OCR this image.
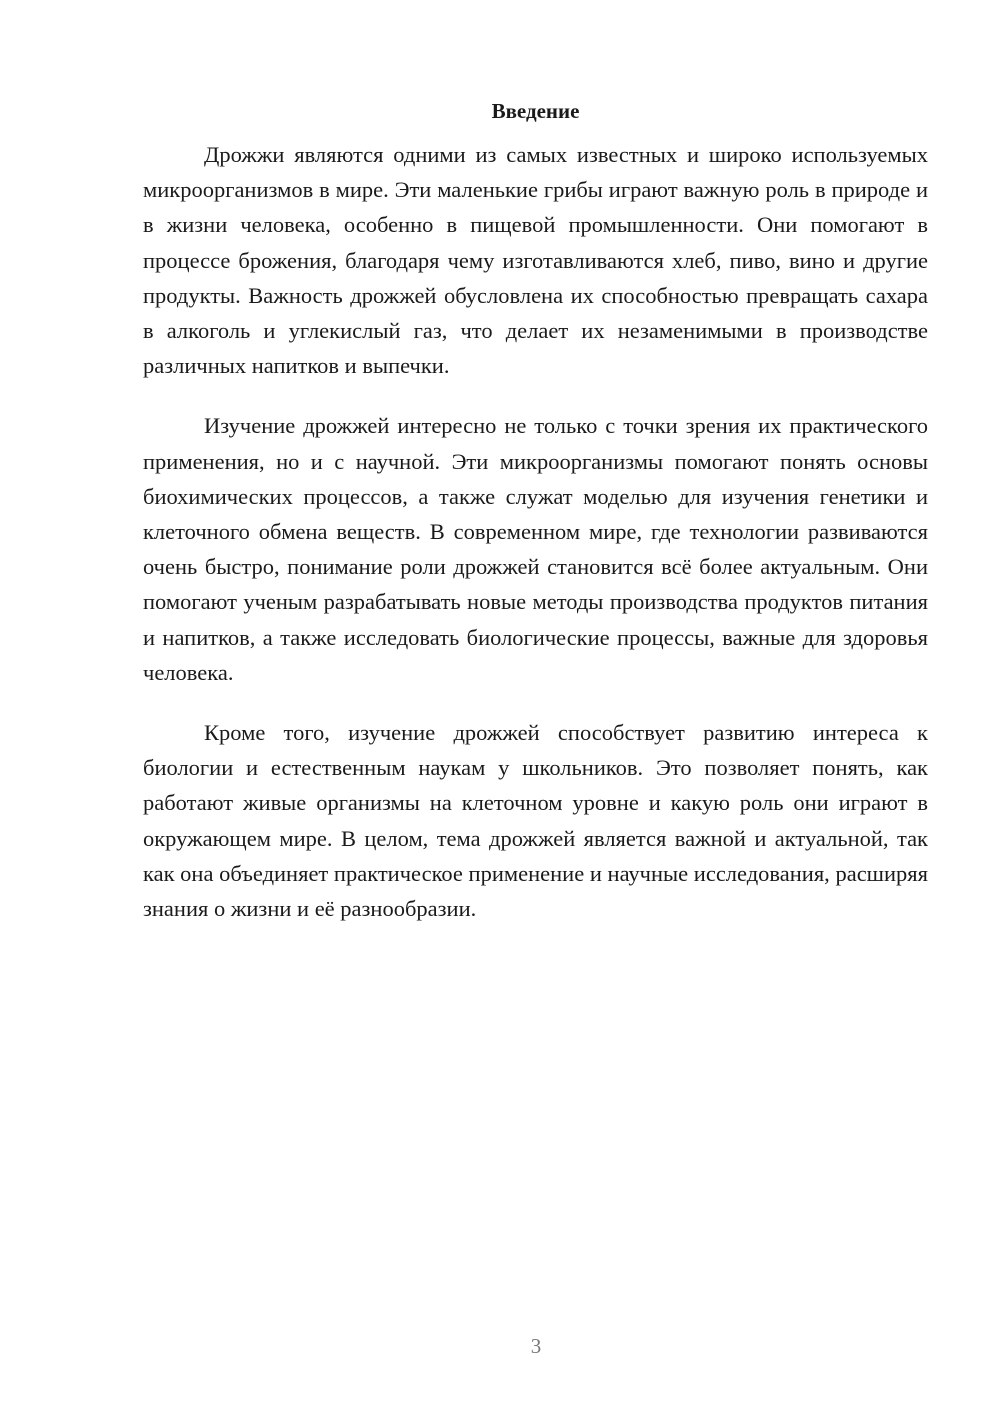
Введение

Дрожжи являются одними из самых известных и широко используемых микроорганизмов в мире. Эти маленькие грибы играют важную роль в природе и в жизни человека, особенно в пищевой промышленности. Они помогают в процессе брожения, благодаря чему изготавливаются хлеб, пиво, вино и другие продукты. Важность дрожжей обусловлена их способностью превращать сахара в алкоголь и углекислый газ, что делает их незаменимыми в производстве различных напитков и выпечки.

Изучение дрожжей интересно не только с точки зрения их практического применения, но и с научной. Эти микроорганизмы помогают понять основы биохимических процессов, а также служат моделью для изучения генетики и клеточного обмена веществ. В современном мире, где технологии развиваются очень быстро, понимание роли дрожжей становится всё более актуальным. Они помогают ученым разрабатывать новые методы производства продуктов питания и напитков, а также исследовать биологические процессы, важные для здоровья человека.

Кроме того, изучение дрожжей способствует развитию интереса к биологии и естественным наукам у школьников. Это позволяет понять, как работают живые организмы на клеточном уровне и какую роль они играют в окружающем мире. В целом, тема дрожжей является важной и актуальной, так как она объединяет практическое применение и научные исследования, расширяя знания о жизни и её разнообразии.

3
